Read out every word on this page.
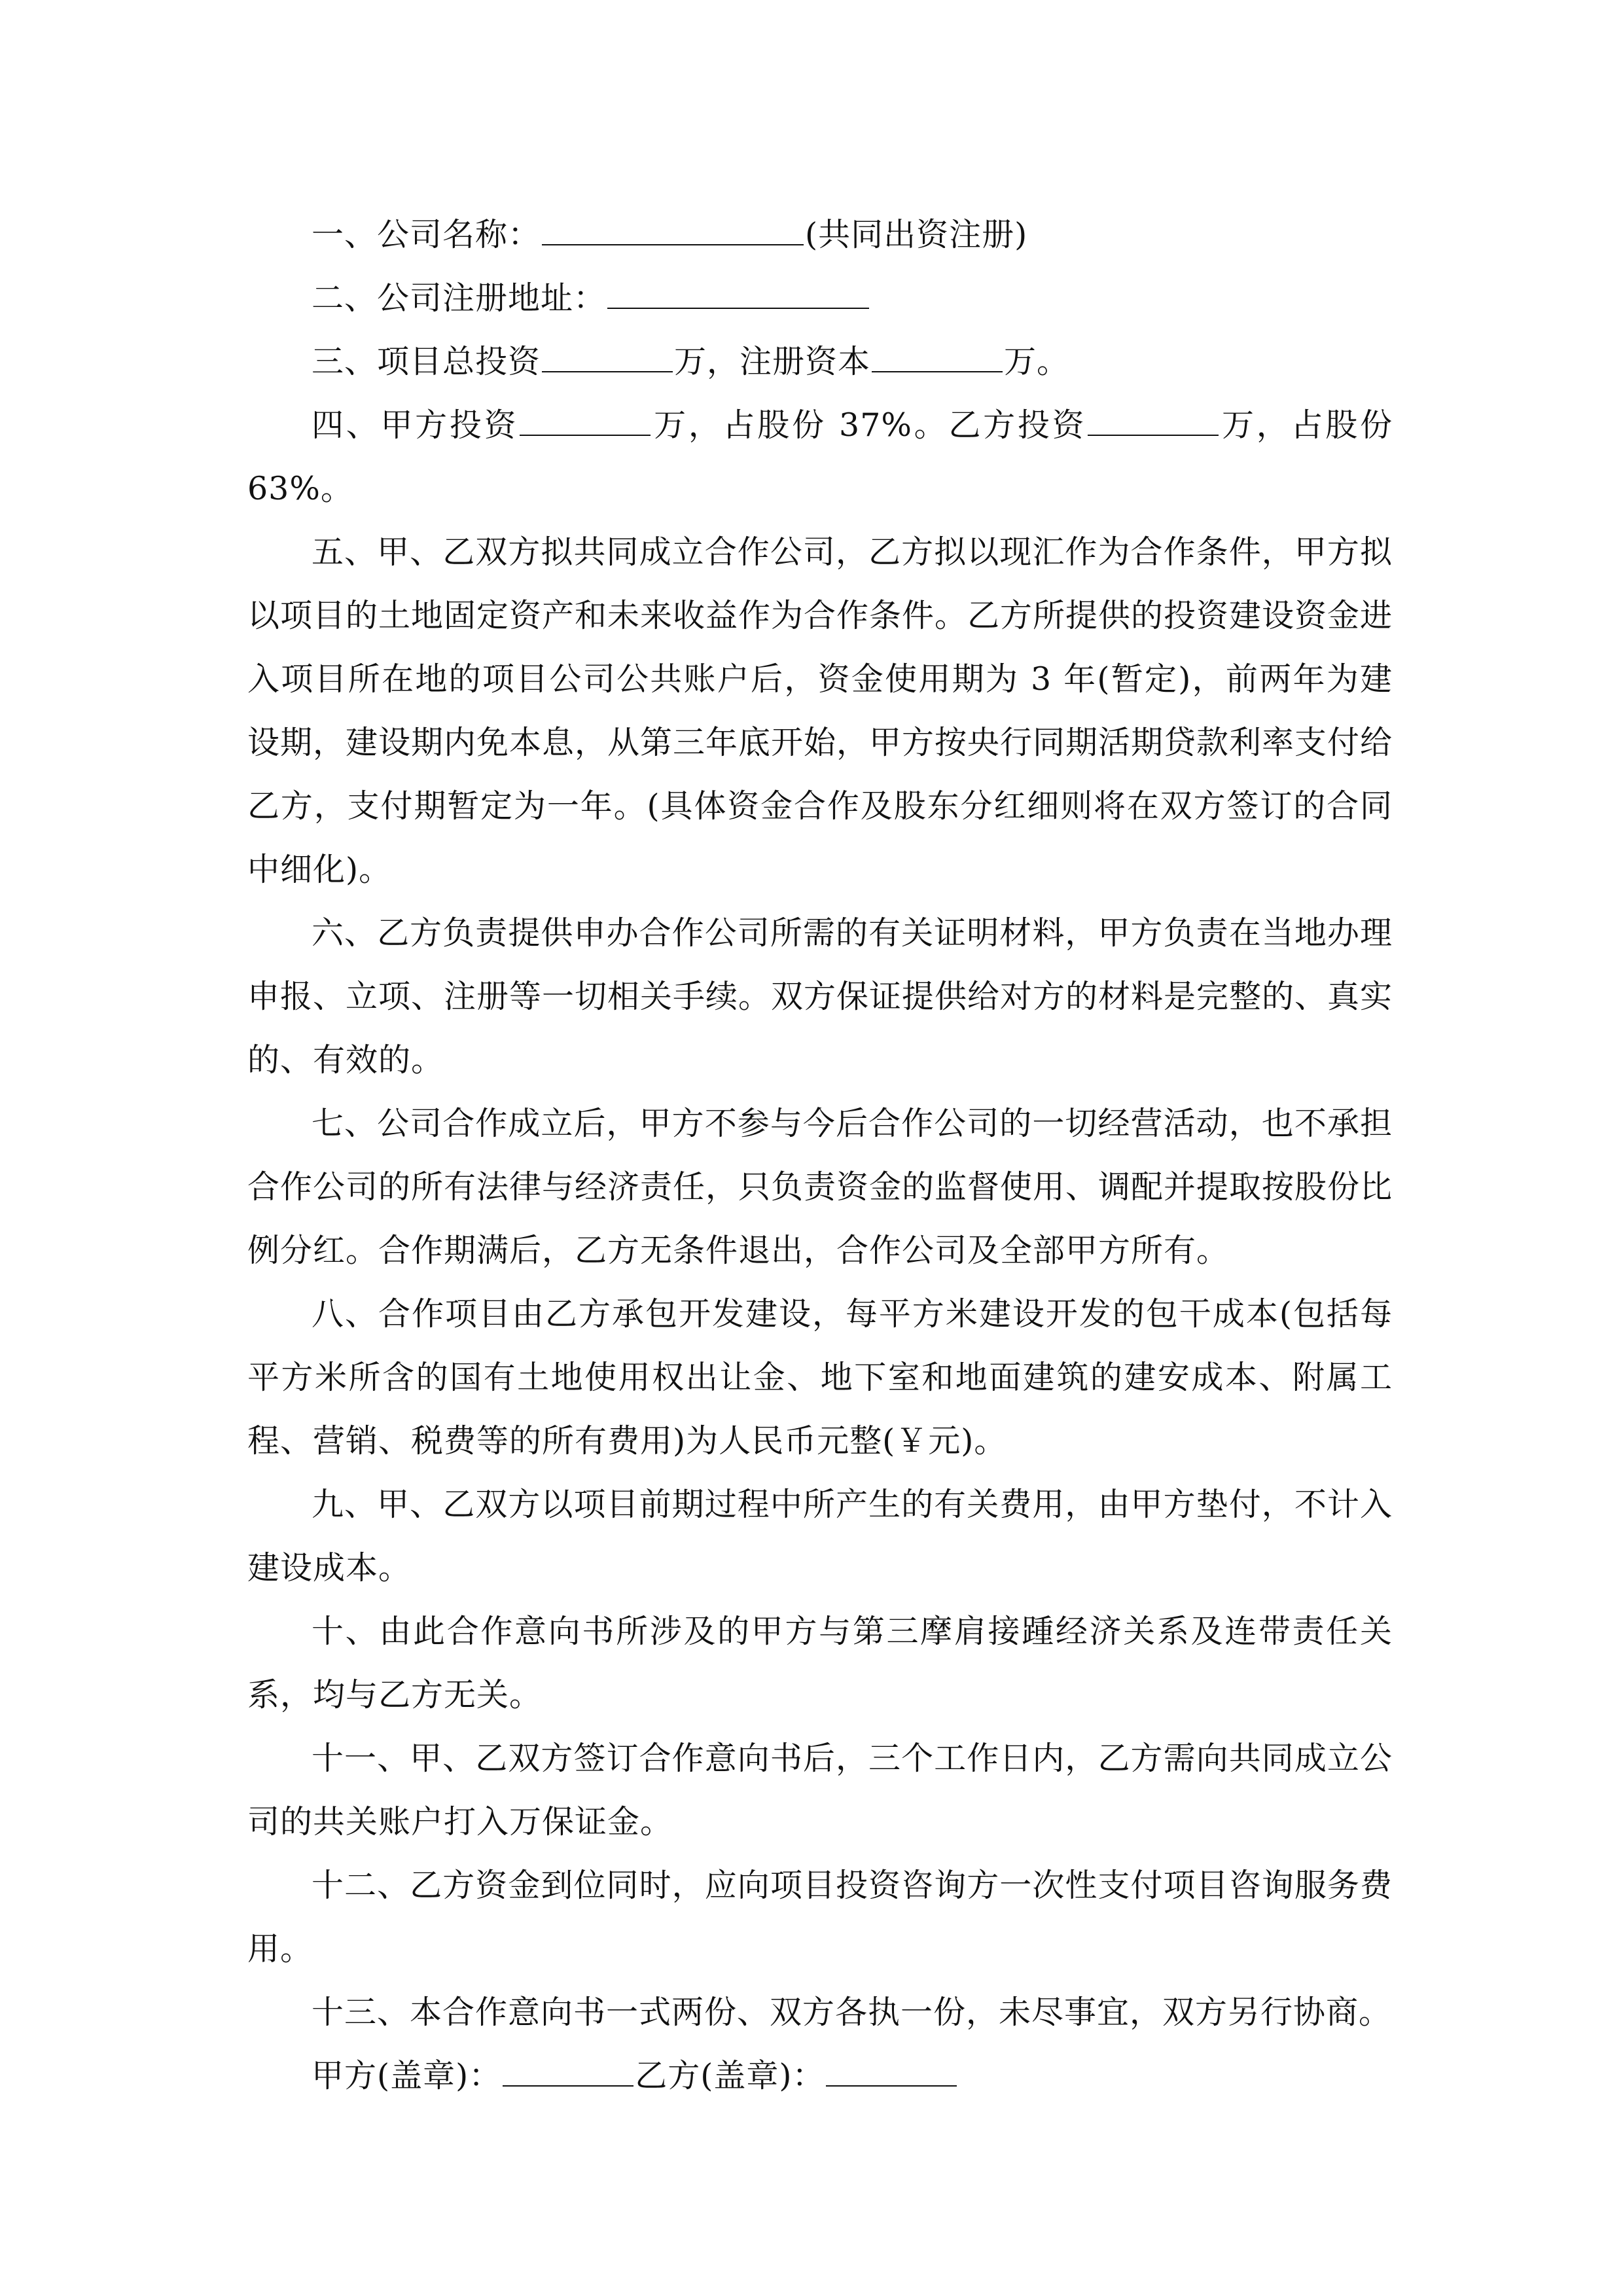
一、公司名称：	(共同出资注册)

二、公司注册地址：

三、项目总投资	万，注册资本	万。

四、甲方投资	万，占股份 37%。乙方投资	万，占股份 63%。

五、甲、乙双方拟共同成立合作公司，乙方拟以现汇作为合作条件，甲方拟以项目的土地固定资产和未来收益作为合作条件。乙方所提供的投资建设资金进入项目所在地的项目公司公共账户后，资金使用期为 3 年(暂定)，前两年为建设期，建设期内免本息，从第三年底开始，甲方按央行同期活期贷款利率支付给乙方，支付期暂定为一年。(具体资金合作及股东分红细则将在双方签订的合同中细化)。

六、乙方负责提供申办合作公司所需的有关证明材料，甲方负责在当地办理申报、立项、注册等一切相关手续。双方保证提供给对方的材料是完整的、真实的、有效的。

七、公司合作成立后，甲方不参与今后合作公司的一切经营活动，也不承担合作公司的所有法律与经济责任，只负责资金的监督使用、调配并提取按股份比例分红。合作期满后，乙方无条件退出，合作公司及全部甲方所有。

八、合作项目由乙方承包开发建设，每平方米建设开发的包干成本(包括每平方米所含的国有土地使用权出让金、地下室和地面建筑的建安成本、附属工程、营销、税费等的所有费用)为人民币元整(￥元)。

九、甲、乙双方以项目前期过程中所产生的有关费用，由甲方垫付，不计入建设成本。

十、由此合作意向书所涉及的甲方与第三摩肩接踵经济关系及连带责任关系，均与乙方无关。

十一、甲、乙双方签订合作意向书后，三个工作日内，乙方需向共同成立公司的共关账户打入万保证金。

十二、乙方资金到位同时，应向项目投资咨询方一次性支付项目咨询服务费用。

十三、本合作意向书一式两份、双方各执一份，未尽事宜，双方另行协商。

甲方(盖章)：	乙方(盖章)：
